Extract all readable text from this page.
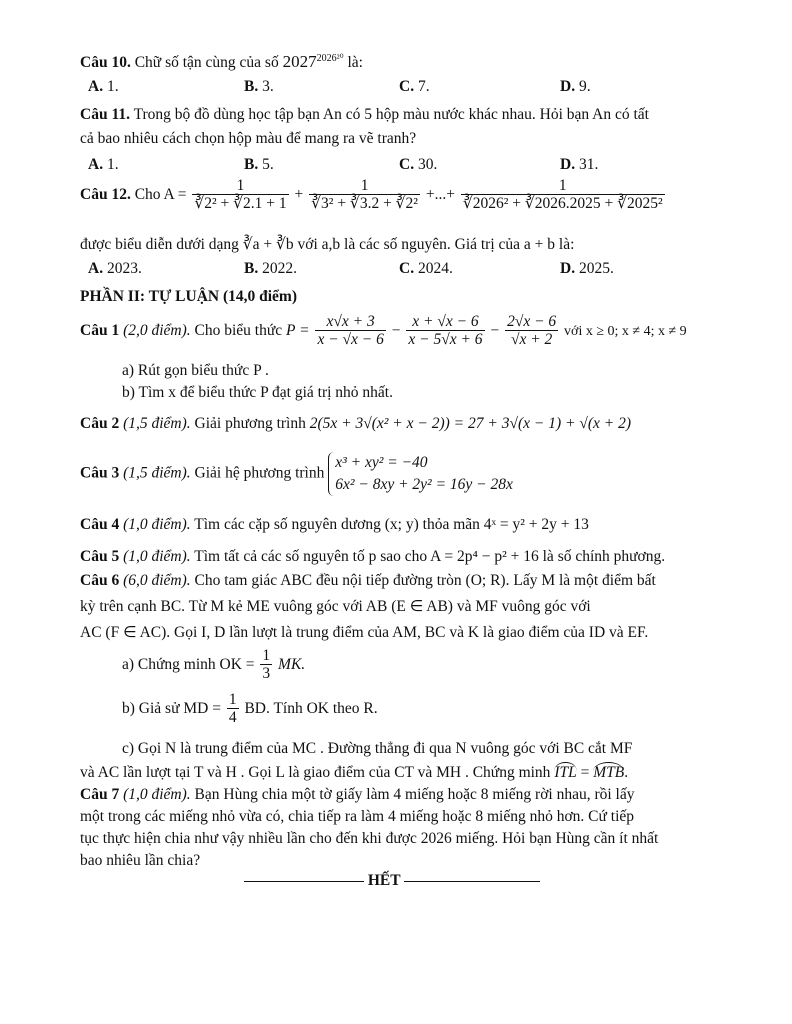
Câu 10. Chữ số tận cùng của số $2027^{2026^{20}}$ là:
A. 1.	B. 3.	C. 7.	D. 9.
Câu 11. Trong bộ đồ dùng học tập bạn An có 5 hộp màu nước khác nhau. Hỏi bạn An có tất
cả bao nhiêu cách chọn hộp màu để mang ra vẽ tranh?
A. 1.	B. 5.	C. 30.	D. 31.
Câu 12. Cho $A = \frac{1}{\text{∛2² + ∛2.1 + 1}} + \frac{1}{\text{∛3² + ∛3.2 + ∛2²}}$ +...+ $\frac{1}{\text{∛2026² + ∛2026.2025 + ∛2025²}}$
được biểu diễn dưới dạng ∛a + ∛b với a,b là các số nguyên. Giá trị của a + b là:
A. 2023.	B. 2022.	C. 2024.	D. 2025.
PHẦN II: TỰ LUẬN (14,0 điểm)
Câu 1 (2,0 điểm). Cho biểu thức $P = \frac{x√x + 3}{x - √x - 6} - \frac{x + √x - 6}{x - 5√x + 6} - \frac{2√x - 6}{√x + 2}$ với x ≥ 0; x ≠ 4; x ≠ 9
a) Rút gọn biểu thức P .
b) Tìm x để biểu thức P đạt giá trị nhỏ nhất.
Câu 2 (1,5 điểm). Giải phương trình 2(5x + 3√(x² + x − 2)) = 27 + 3√(x − 1) + √(x + 2)
Câu 3 (1,5 điểm). Giải hệ phương trình
x³ + xy² = −40
6x² − 8xy + 2y² = 16y − 28x
Câu 4 (1,0 điểm). Tìm các cặp số nguyên dương (x; y) thỏa mãn 4ˣ = y² + 2y + 13
Câu 5 (1,0 điểm). Tìm tất cả các số nguyên tố p sao cho A = 2p⁴ − p² + 16 là số chính phương.
Câu 6 (6,0 điểm). Cho tam giác ABC đều nội tiếp đường tròn (O; R). Lấy M là một điểm bất
kỳ trên cạnh BC. Từ M kẻ ME vuông góc với AB (E ∈ AB) và MF vuông góc với
AC (F ∈ AC). Gọi I, D lần lượt là trung điểm của AM, BC và K là giao điểm của ID và EF.
a) Chứng minh OK = $\frac{1}{3}$ MK.
b) Giả sử MD = $\frac{1}{4}$ BD. Tính OK theo R.
c) Gọi N là trung điểm của MC . Đường thẳng đi qua N vuông góc với BC cắt MF
và AC lần lượt tại T và H . Gọi L là giao điểm của CT và MH . Chứng minh ITL = MTB.
Câu 7 (1,0 điểm). Bạn Hùng chia một tờ giấy làm 4 miếng hoặc 8 miếng rời nhau, rồi lấy
một trong các miếng nhỏ vừa có, chia tiếp ra làm 4 miếng hoặc 8 miếng nhỏ hơn. Cứ tiếp
tục thực hiện chia như vậy nhiều lần cho đến khi được 2026 miếng. Hỏi bạn Hùng cần ít nhất
bao nhiêu lần chia?
HẾT
